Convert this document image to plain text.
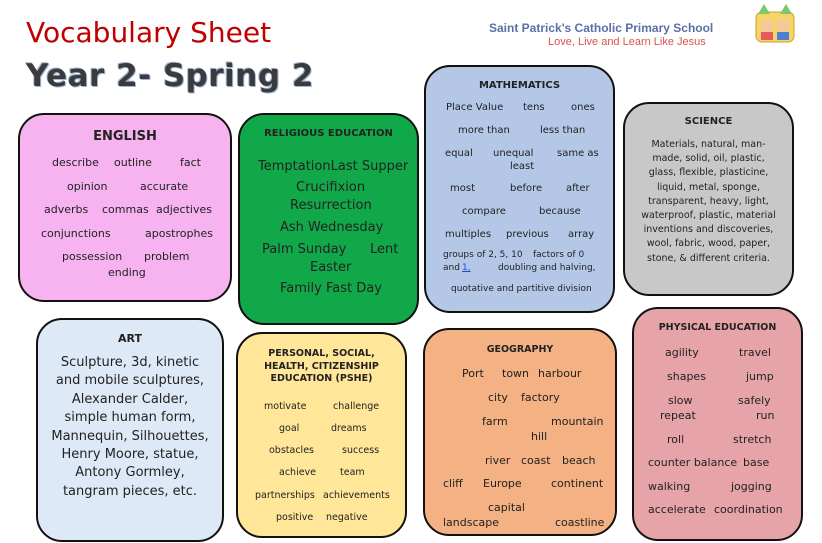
Vocabulary Sheet
Year 2- Spring 2
Saint Patrick's Catholic Primary School
Love, Live and Learn Like Jesus
ENGLISH
describe outline	fact
opinion	accurate
adverbs commas adjectives
conjunctions	apostrophes
possession problem
ending
RELIGIOUS EDUCATION
TemptationLast Supper
Crucifixion
Resurrection
Ash Wednesday
Palm Sunday Lent
Easter
Family Fast Day
MATHEMATICS
Place Value tens	ones
more than	less than
equal unequal same as
least
most	before after
compare	because
multiples previous array
groups of 2, 5, 10 factors of 0
and 1,	doubling and halving,
quotative and partitive division
SCIENCE
Materials, natural, man-
made, solid, oil, plastic,
glass, flexible, plasticine,
liquid, metal, sponge,
transparent, heavy, light,
waterproof, plastic, material
inventions and discoveries,
wool, fabric, wood, paper,
stone, & different criteria.
ART
Sculpture, 3d, kinetic
and mobile sculptures,
Alexander Calder,
simple human form,
Mannequin, Silhouettes,
Henry Moore, statue,
Antony Gormley,
tangram pieces, etc.
PERSONAL, SOCIAL,
HEALTH, CITIZENSHIP
EDUCATION (PSHE)
motivate	challenge
goal	dreams
obstacles	success
achieve	team
partnerships achievements
positive negative
GEOGRAPHY
Port town harbour
city factory
farm	mountain
hill
river coast beach
cliff Europe	continent
capital
landscape	coastline
PHYSICAL EDUCATION
agility	travel
shapes	jump
slow	safely
repeat	run
roll	stretch
counter balance base
walking	jogging
accelerate coordination
